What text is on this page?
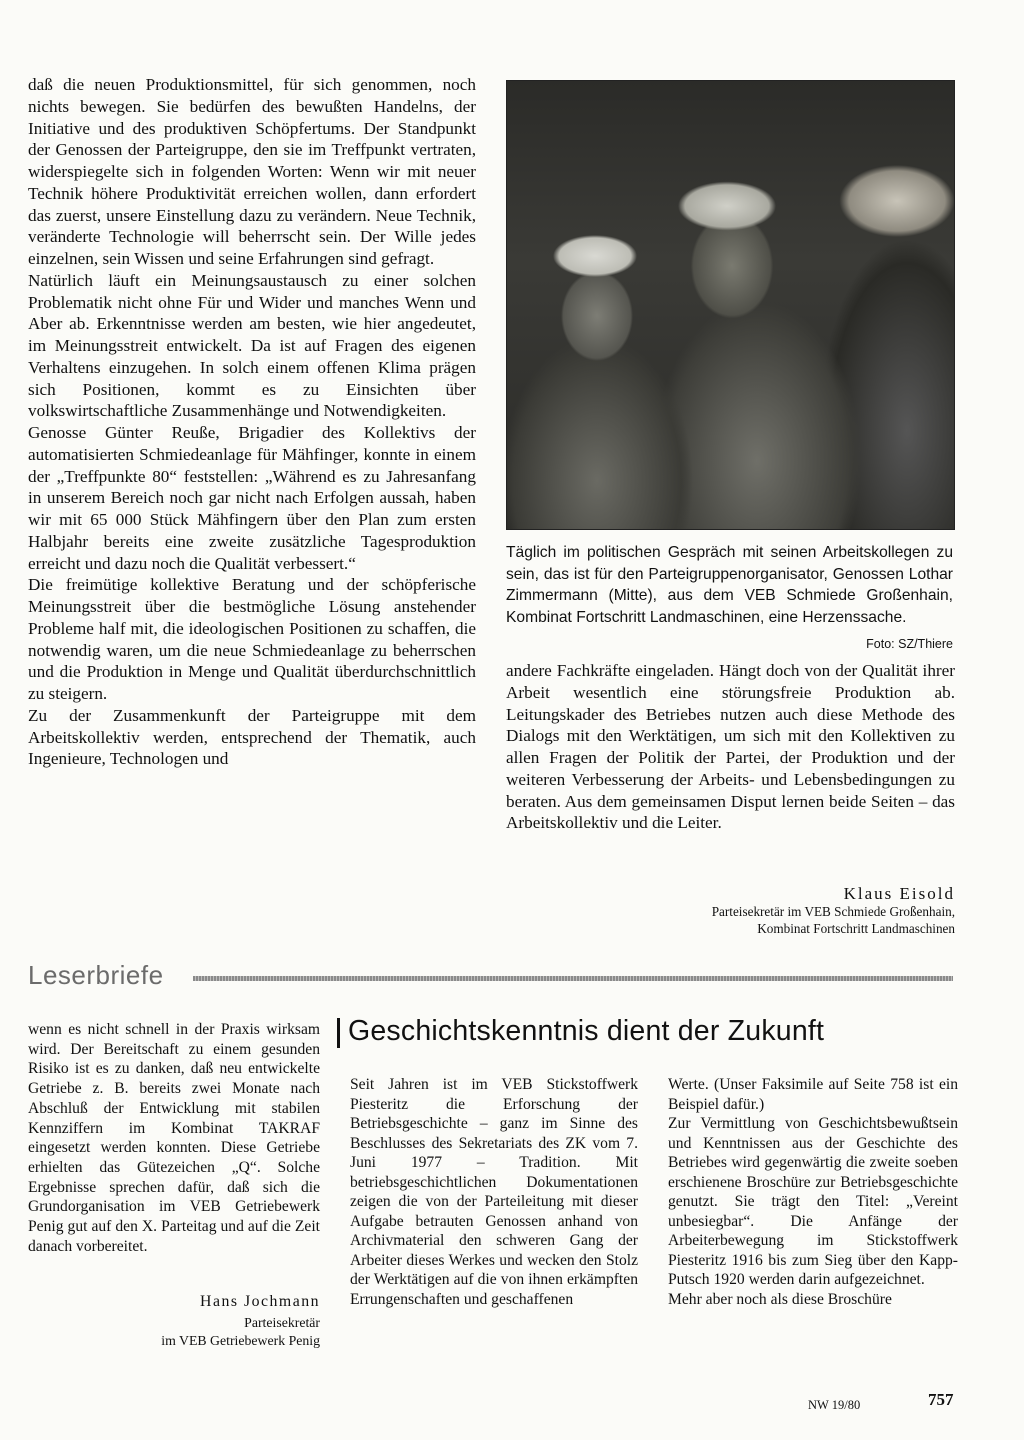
daß die neuen Produktionsmittel, für sich genommen, noch nichts bewegen. Sie bedürfen des bewußten Handelns, der Initiative und des produktiven Schöpfertums. Der Standpunkt der Genossen der Parteigruppe, den sie im Treffpunkt vertraten, widerspiegelte sich in folgenden Worten: Wenn wir mit neuer Technik höhere Produktivität erreichen wollen, dann erfordert das zuerst, unsere Einstellung dazu zu verändern. Neue Technik, veränderte Technologie will beherrscht sein. Der Wille jedes einzelnen, sein Wissen und seine Erfahrungen sind gefragt.

Natürlich läuft ein Meinungsaustausch zu einer solchen Problematik nicht ohne Für und Wider und manches Wenn und Aber ab. Erkenntnisse werden am besten, wie hier angedeutet, im Meinungsstreit entwickelt. Da ist auf Fragen des eigenen Verhaltens einzugehen. In solch einem offenen Klima prägen sich Positionen, kommt es zu Einsichten über volkswirtschaftliche Zusammenhänge und Notwendigkeiten.

Genosse Günter Reuße, Brigadier des Kollektivs der automatisierten Schmiedeanlage für Mähfinger, konnte in einem der „Treffpunkte 80“ feststellen: „Während es zu Jahresanfang in unserem Bereich noch gar nicht nach Erfolgen aussah, haben wir mit 65 000 Stück Mähfingern über den Plan zum ersten Halbjahr bereits eine zweite zusätzliche Tagesproduktion erreicht und dazu noch die Qualität verbessert.“

Die freimütige kollektive Beratung und der schöpferische Meinungsstreit über die bestmögliche Lösung anstehender Probleme half mit, die ideologischen Positionen zu schaffen, die notwendig waren, um die neue Schmiedeanlage zu beherrschen und die Produktion in Menge und Qualität überdurchschnittlich zu steigern.

Zu der Zusammenkunft der Parteigruppe mit dem Arbeitskollektiv werden, entsprechend der Thematik, auch Ingenieure, Technologen und

Täglich im politischen Gespräch mit seinen Arbeitskollegen zu sein, das ist für den Parteigruppenorganisator, Genossen Lothar Zimmermann (Mitte), aus dem VEB Schmiede Großenhain, Kombinat Fortschritt Landmaschinen, eine Herzenssache.
Foto: SZ/Thiere

andere Fachkräfte eingeladen. Hängt doch von der Qualität ihrer Arbeit wesentlich eine störungsfreie Produktion ab. Leitungskader des Betriebes nutzen auch diese Methode des Dialogs mit den Werktätigen, um sich mit den Kollektiven zu allen Fragen der Politik der Partei, der Produktion und der weiteren Verbesserung der Arbeits- und Lebensbedingungen zu beraten. Aus dem gemeinsamen Disput lernen beide Seiten – das Arbeitskollektiv und die Leiter.

Klaus Eisold
Parteisekretär im VEB Schmiede Großenhain,
Kombinat Fortschritt Landmaschinen
Leserbriefe

wenn es nicht schnell in der Praxis wirksam wird. Der Bereitschaft zu einem gesunden Risiko ist es zu danken, daß neu entwickelte Getriebe z. B. bereits zwei Monate nach Abschluß der Entwicklung mit stabilen Kennziffern im Kombinat TAKRAF eingesetzt werden konnten. Diese Getriebe erhielten das Gütezeichen „Q“. Solche Ergebnisse sprechen dafür, daß sich die Grundorganisation im VEB Getriebewerk Penig gut auf den X. Parteitag und auf die Zeit danach vorbereitet.

Hans Jochmann
Parteisekretär
im VEB Getriebewerk Penig
Geschichtskenntnis dient der Zukunft

Seit Jahren ist im VEB Stickstoffwerk Piesteritz die Erforschung der Betriebsgeschichte – ganz im Sinne des Beschlusses des Sekretariats des ZK vom 7. Juni 1977 – Tradition. Mit betriebsgeschichtlichen Dokumentationen zeigen die von der Parteileitung mit dieser Aufgabe betrauten Genossen anhand von Archivmaterial den schweren Gang der Arbeiter dieses Werkes und wecken den Stolz der Werktätigen auf die von ihnen erkämpften Errungenschaften und geschaffenen

Werte. (Unser Faksimile auf Seite 758 ist ein Beispiel dafür.)

Zur Vermittlung von Geschichtsbewußtsein und Kenntnissen aus der Geschichte des Betriebes wird gegenwärtig die zweite soeben erschienene Broschüre zur Betriebsgeschichte genutzt. Sie trägt den Titel: „Vereint unbesiegbar“. Die Anfänge der Arbeiterbewegung im Stickstoffwerk Piesteritz 1916 bis zum Sieg über den Kapp-Putsch 1920 werden darin aufgezeichnet.

Mehr aber noch als diese Broschüre

NW 19/80	757
